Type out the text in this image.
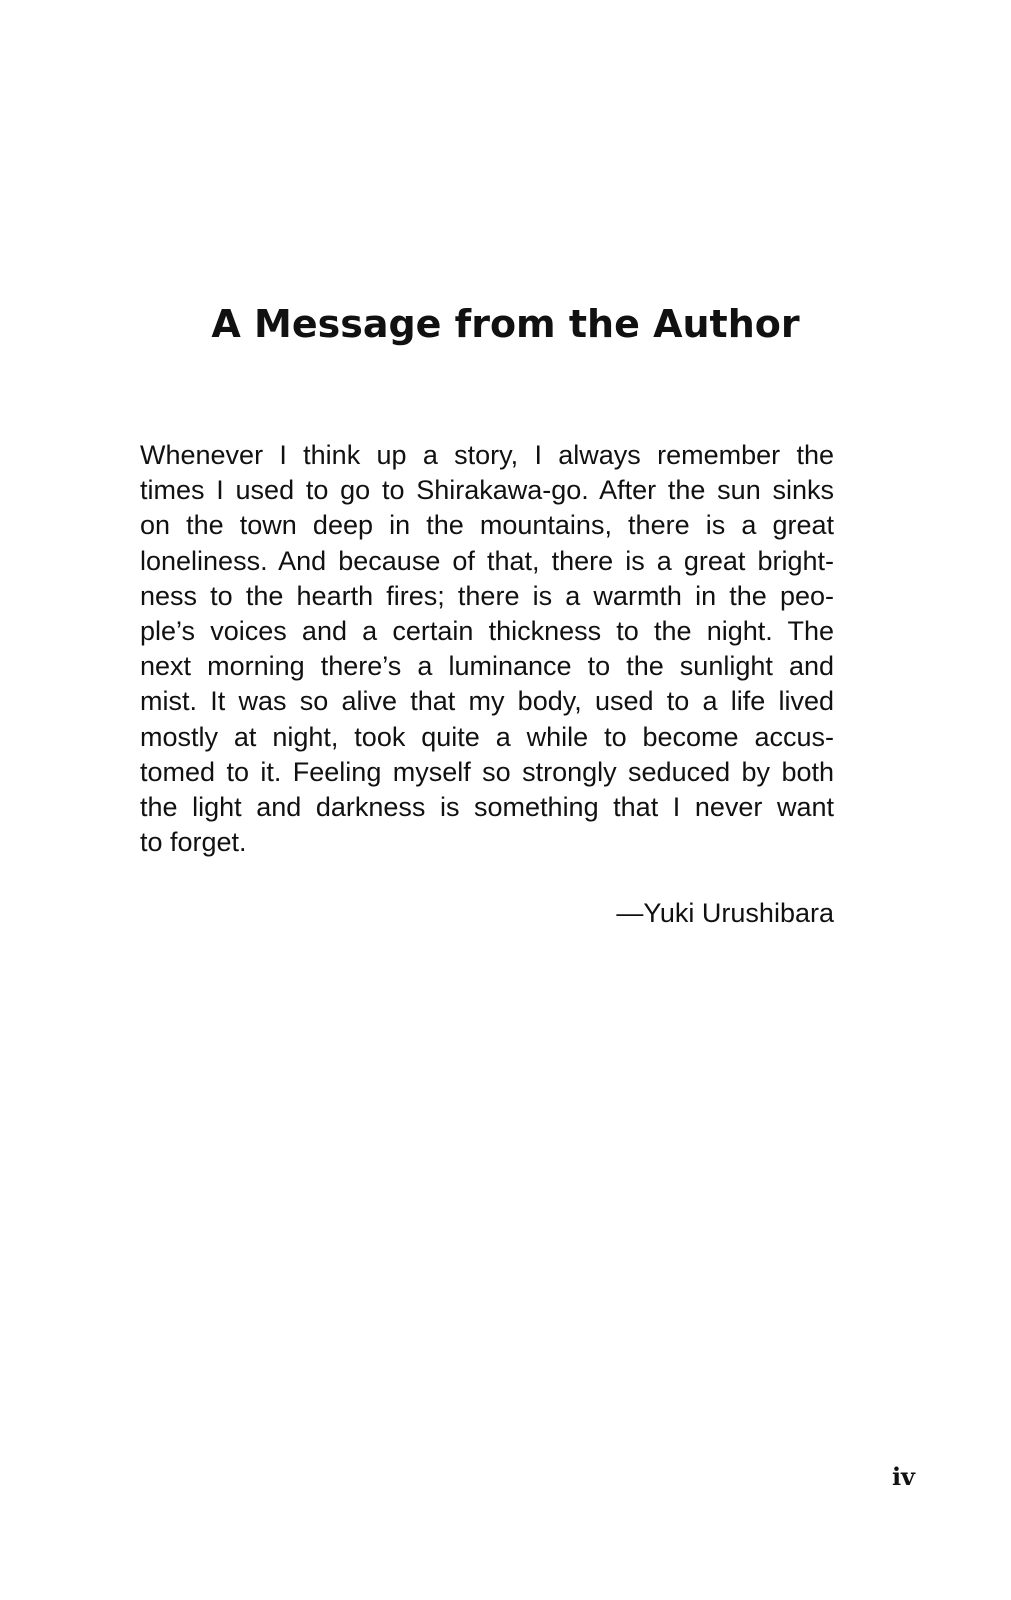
A Message from the Author
Whenever I think up a story, I always remember the
times I used to go to Shirakawa-go. After the sun sinks
on the town deep in the mountains, there is a great
loneliness. And because of that, there is a great bright-
ness to the hearth fires; there is a warmth in the peo-
ple’s voices and a certain thickness to the night. The
next morning there’s a luminance to the sunlight and
mist. It was so alive that my body, used to a life lived
mostly at night, took quite a while to become accus-
tomed to it. Feeling myself so strongly seduced by both
the light and darkness is something that I never want
to forget.

—Yuki Urushibara

iv
